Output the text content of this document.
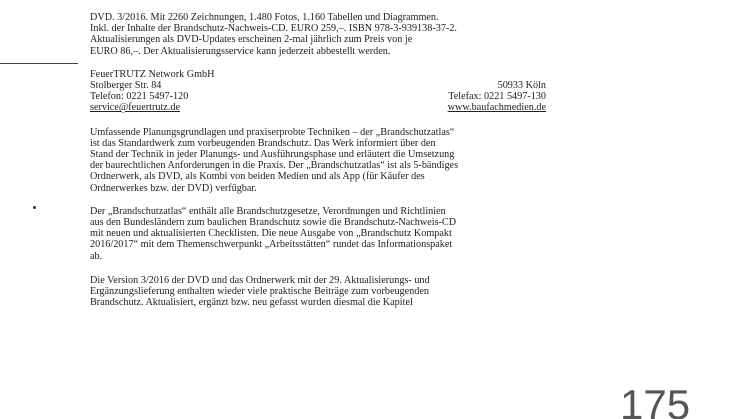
DVD. 3/2016. Mit 2260 Zeichnungen, 1.480 Fotos, 1.160 Tabellen und Diagrammen.
Inkl. der Inhalte der Brandschutz-Nachweis-CD. EURO 259,–. ISBN 978-3-939138-37-2.
Aktualisierungen als DVD-Updates erscheinen 2-mal jährlich zum Preis von je
EURO 86,–. Der Aktualisierungsservice kann jederzeit abbestellt werden.
FeuerTRUTZ Network GmbH
Stolberger Str. 84	50933 Köln
Telefon: 0221 5497-120	Telefax: 0221 5497-130
service@feuertrutz.de	www.baufachmedien.de
Umfassende Planungsgrundlagen und praxiserprobte Techniken – der „Brandschutzatlas“
ist das Standardwerk zum vorbeugenden Brandschutz. Das Werk informiert über den
Stand der Technik in jeder Planungs- und Ausführungsphase und erläutert die Umsetzung
der baurechtlichen Anforderungen in die Praxis. Der „Brandschutzatlas“ ist als 5-bändiges
Ordnerwerk, als DVD, als Kombi von beiden Medien und als App (für Käufer des
Ordnerwerkes bzw. der DVD) verfügbar.
Der „Brandschutzatlas“ enthält alle Brandschutzgesetze, Verordnungen und Richtlinien
aus den Bundesländern zum baulichen Brandschutz sowie die Brandschutz-Nachweis-CD
mit neuen und aktualisierten Checklisten. Die neue Ausgabe von „Brandschutz Kompakt
2016/2017“ mit dem Themenschwerpunkt „Arbeitsstätten“ rundet das Informationspaket
ab.
Die Version 3/2016 der DVD und das Ordnerwerk mit der 29. Aktualisierungs- und
Ergänzungslieferung enthalten wieder viele praktische Beiträge zum vorbeugenden
Brandschutz. Aktualisiert, ergänzt bzw. neu gefasst wurden diesmal die Kapitel
175
